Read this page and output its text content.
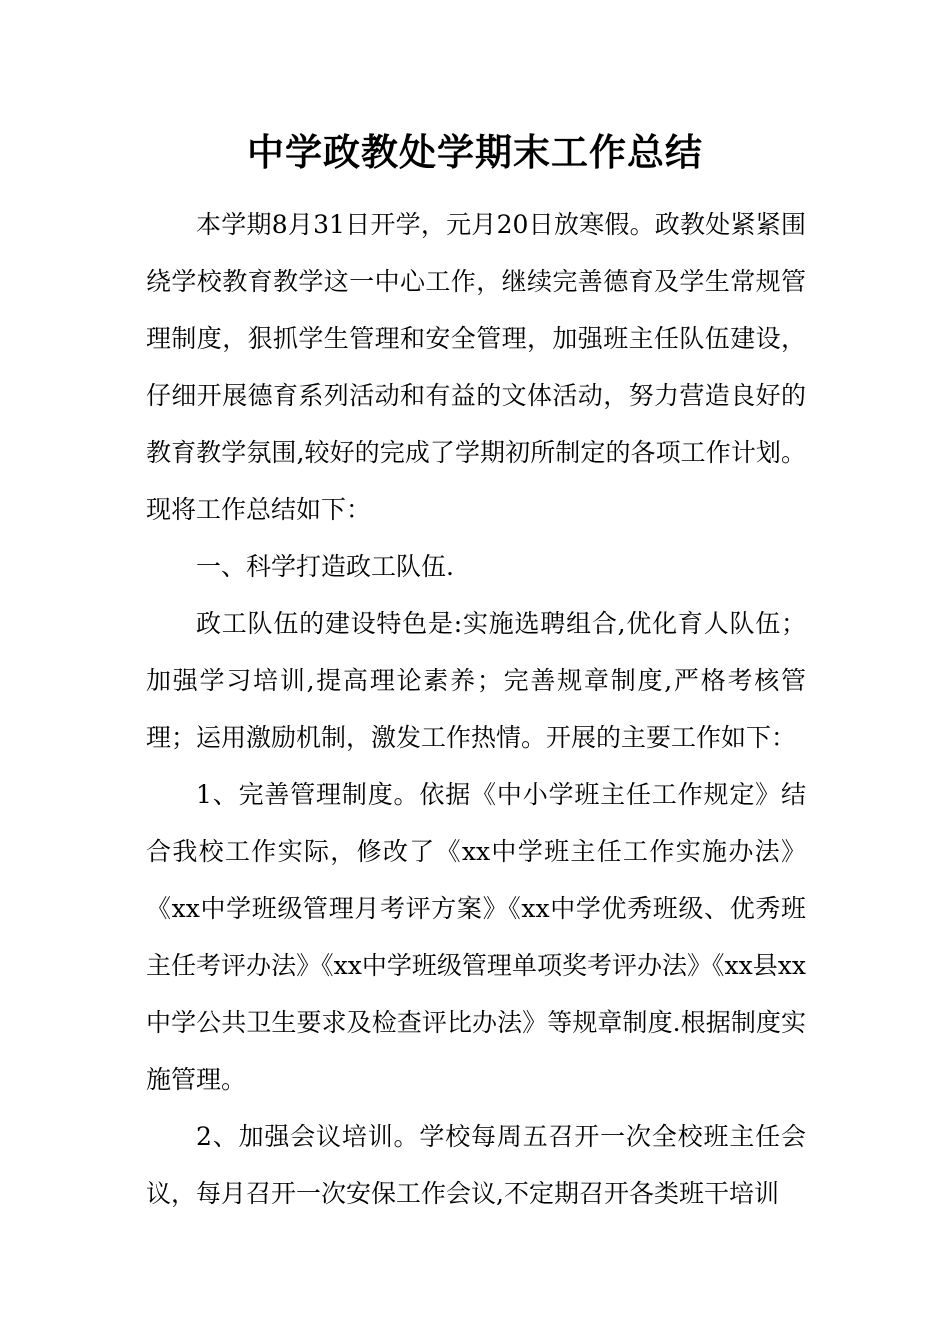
中学政教处学期末工作总结

本学期8月31日开学，元月20日放寒假。政教处紧紧围绕学校教育教学这一中心工作，继续完善德育及学生常规管理制度，狠抓学生管理和安全管理，加强班主任队伍建设，仔细开展德育系列活动和有益的文体活动，努力营造良好的教育教学氛围,较好的完成了学期初所制定的各项工作计划。现将工作总结如下：

一、科学打造政工队伍.

政工队伍的建设特色是:实施选聘组合,优化育人队伍；加强学习培训,提高理论素养；完善规章制度,严格考核管理；运用激励机制，激发工作热情。开展的主要工作如下：

1、完善管理制度。依据《中小学班主任工作规定》结合我校工作实际，修改了《xx中学班主任工作实施办法》《xx中学班级管理月考评方案》《xx中学优秀班级、优秀班主任考评办法》《xx中学班级管理单项奖考评办法》《xx县xx中学公共卫生要求及检查评比办法》等规章制度.根据制度实施管理。

2、加强会议培训。学校每周五召开一次全校班主任会议，每月召开一次安保工作会议,不定期召开各类班干培训
